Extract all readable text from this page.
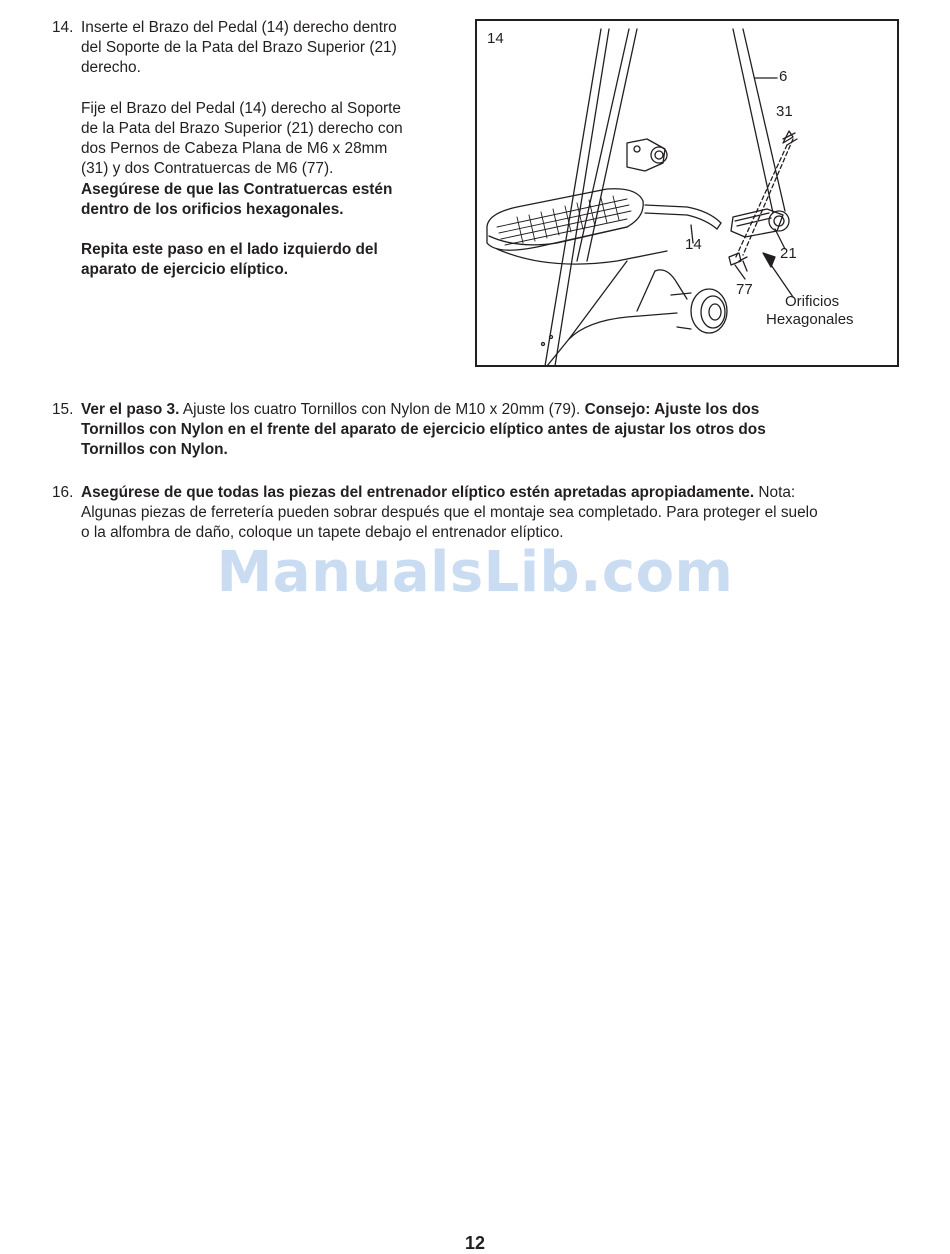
14. Inserte el Brazo del Pedal (14) derecho dentro
del Soporte de la Pata del Brazo Superior (21)
derecho.
Fije el Brazo del Pedal (14) derecho al Soporte
de la Pata del Brazo Superior (21) derecho con
dos Pernos de Cabeza Plana de M6 x 28mm
(31) y dos Contratuercas de M6 (77).
Asegúrese de que las Contratuercas estén
dentro de los orificios hexagonales.
Repita este paso en el lado izquierdo del
aparato de ejercicio elíptico.
15. Ver el paso 3. Ajuste los cuatro Tornillos con Nylon de M10 x 20mm (79). Consejo: Ajuste los dos
Tornillos con Nylon en el frente del aparato de ejercicio elíptico antes de ajustar los otros dos
Tornillos con Nylon.
16. Asegúrese de que todas las piezas del entrenador elíptico estén apretadas apropiadamente. Nota:
Algunas piezas de ferretería pueden sobrar después que el montaje sea completado. Para proteger el suelo
o la alfombra de daño, coloque un tapete debajo el entrenador elíptico.
14
6
31
14
21
77
Orificios
Hexagonales
ManualsLib.com
12
